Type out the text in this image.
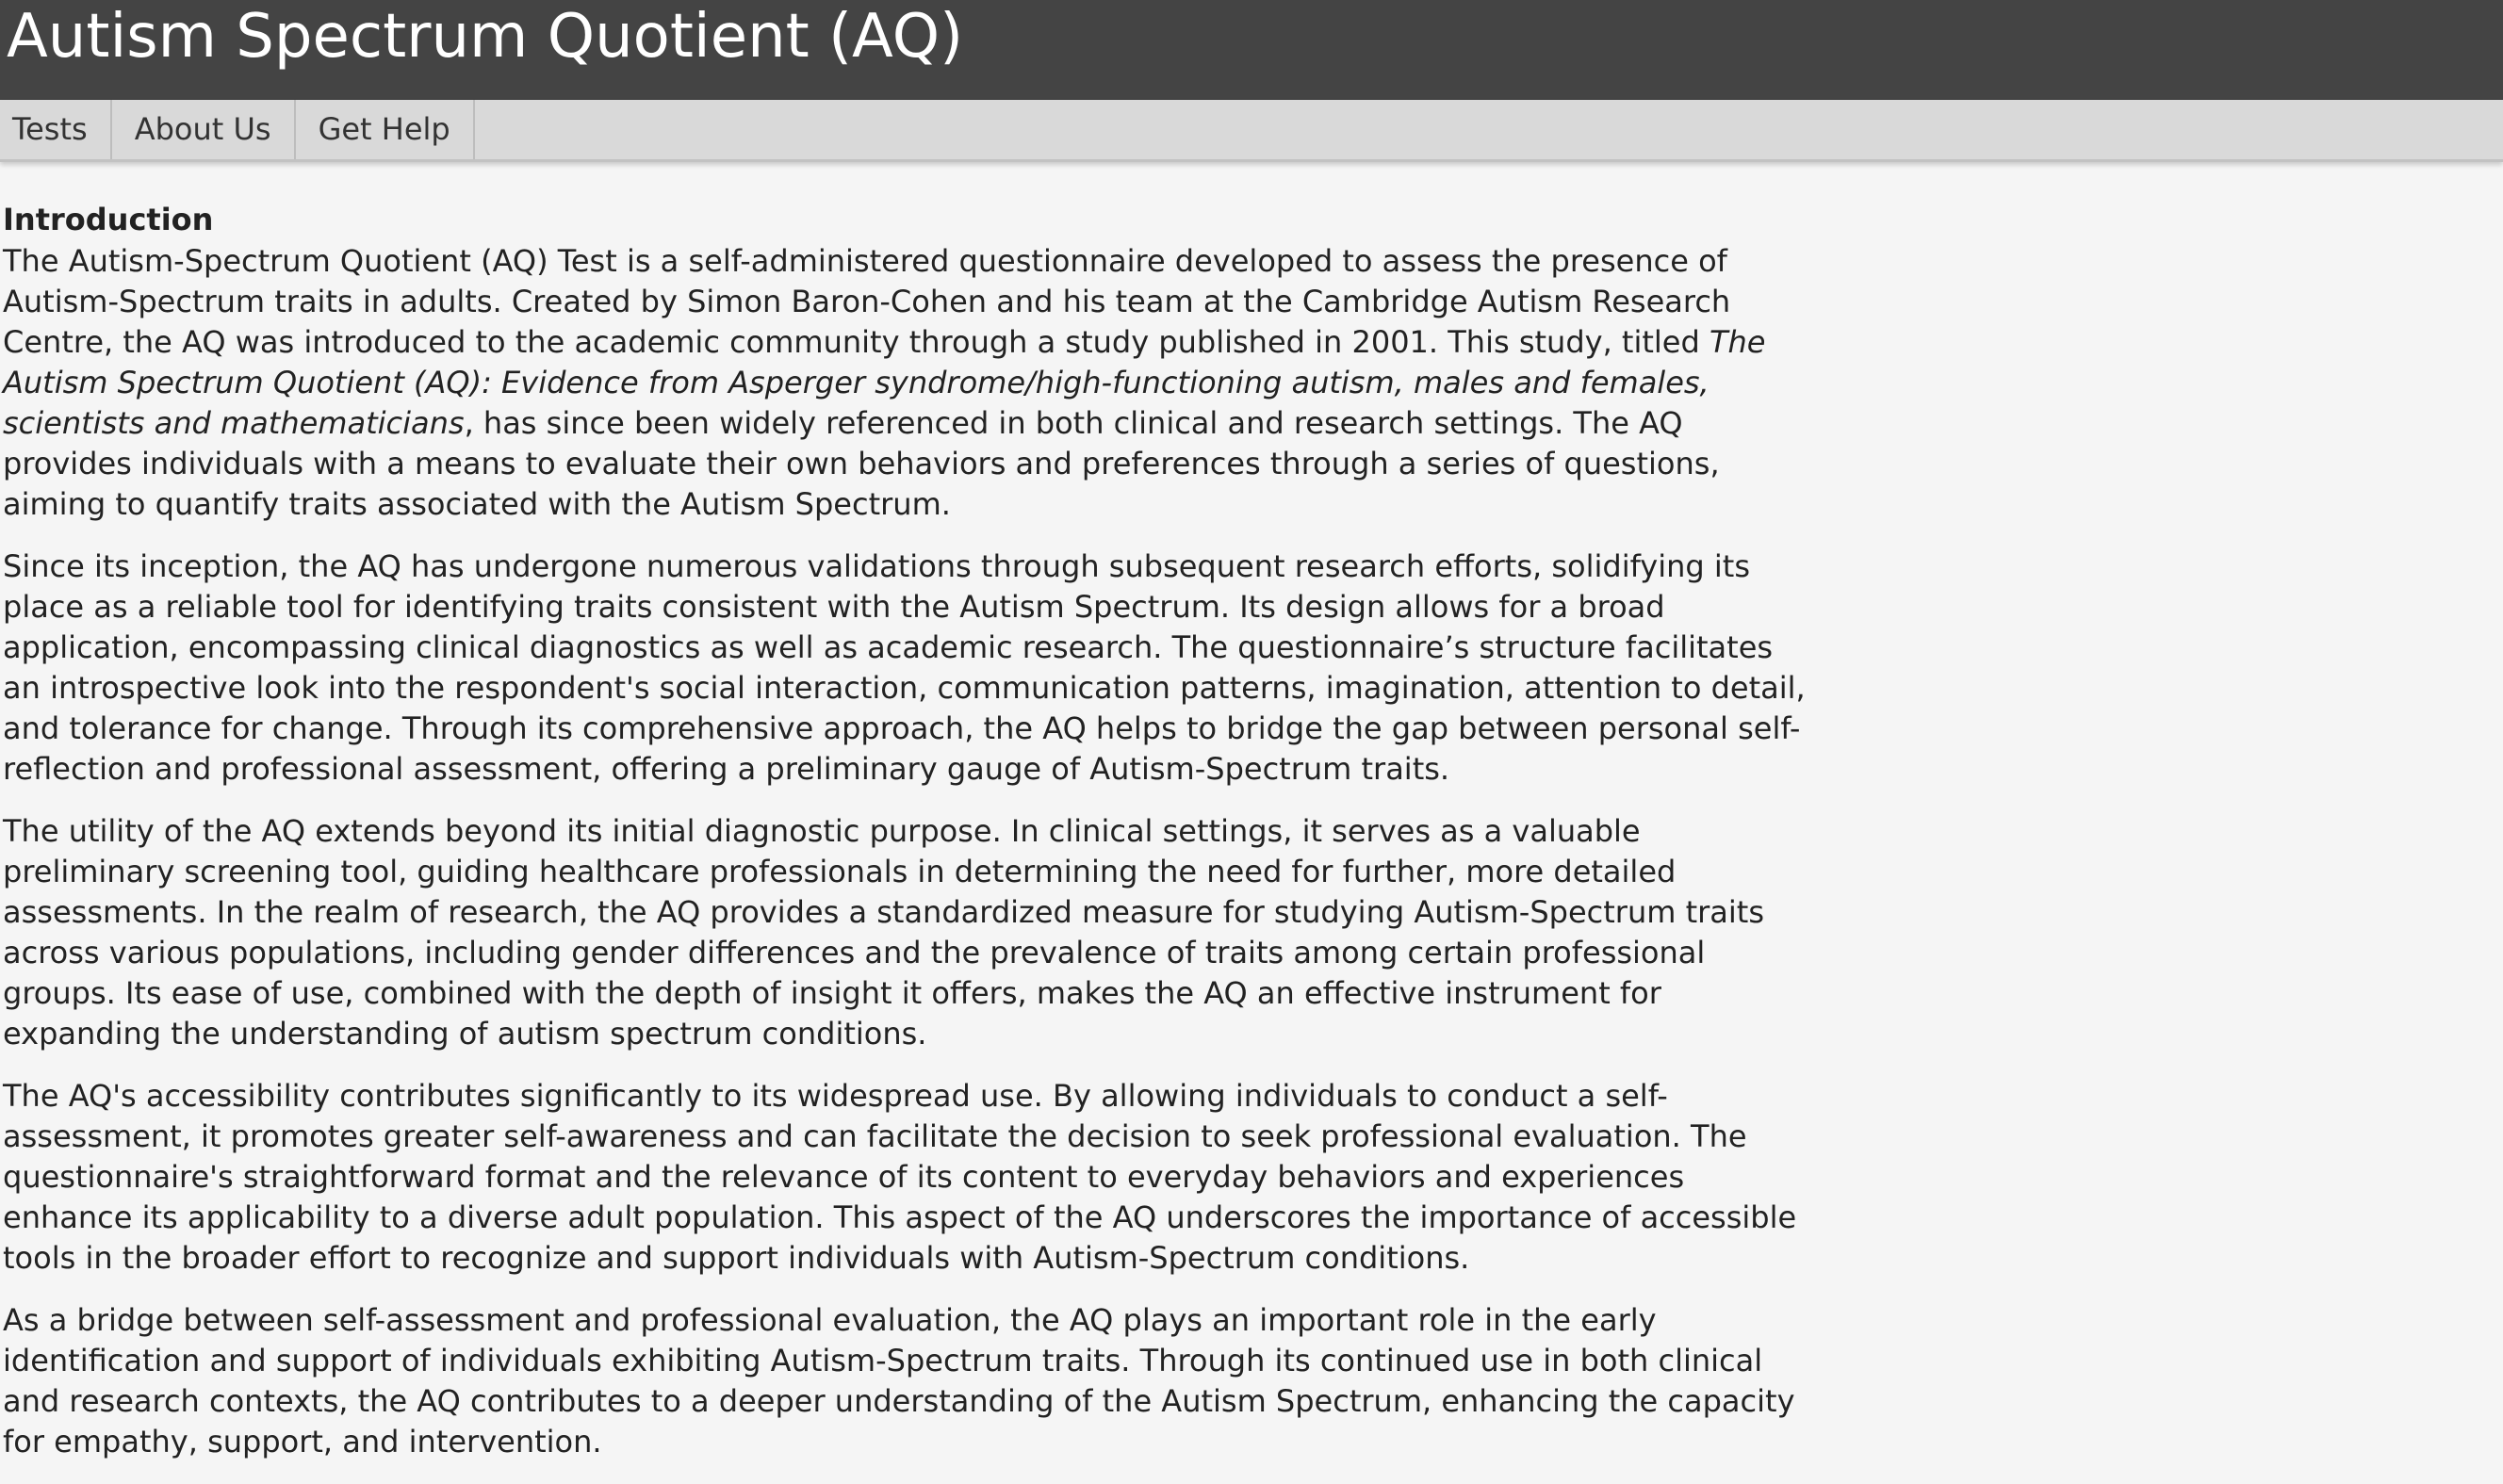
Autism Spectrum Quotient (AQ)
Tests	About Us	Get Help
Introduction

The Autism-Spectrum Quotient (AQ) Test is a self-administered questionnaire developed to assess the presence of Autism-Spectrum traits in adults. Created by Simon Baron-Cohen and his team at the Cambridge Autism Research Centre, the AQ was introduced to the academic community through a study published in 2001. This study, titled The Autism Spectrum Quotient (AQ): Evidence from Asperger syndrome/high-functioning autism, males and females, scientists and mathematicians, has since been widely referenced in both clinical and research settings. The AQ provides individuals with a means to evaluate their own behaviors and preferences through a series of questions, aiming to quantify traits associated with the Autism Spectrum.

Since its inception, the AQ has undergone numerous validations through subsequent research efforts, solidifying its place as a reliable tool for identifying traits consistent with the Autism Spectrum. Its design allows for a broad application, encompassing clinical diagnostics as well as academic research. The questionnaire’s structure facilitates an introspective look into the respondent's social interaction, communication patterns, imagination, attention to detail, and tolerance for change. Through its comprehensive approach, the AQ helps to bridge the gap between personal self-reflection and professional assessment, offering a preliminary gauge of Autism-Spectrum traits.

The utility of the AQ extends beyond its initial diagnostic purpose. In clinical settings, it serves as a valuable preliminary screening tool, guiding healthcare professionals in determining the need for further, more detailed assessments. In the realm of research, the AQ provides a standardized measure for studying Autism-Spectrum traits across various populations, including gender differences and the prevalence of traits among certain professional groups. Its ease of use, combined with the depth of insight it offers, makes the AQ an effective instrument for expanding the understanding of autism spectrum conditions.

The AQ's accessibility contributes significantly to its widespread use. By allowing individuals to conduct a self-assessment, it promotes greater self-awareness and can facilitate the decision to seek professional evaluation. The questionnaire's straightforward format and the relevance of its content to everyday behaviors and experiences enhance its applicability to a diverse adult population. This aspect of the AQ underscores the importance of accessible tools in the broader effort to recognize and support individuals with Autism-Spectrum conditions.

As a bridge between self-assessment and professional evaluation, the AQ plays an important role in the early identification and support of individuals exhibiting Autism-Spectrum traits. Through its continued use in both clinical and research contexts, the AQ contributes to a deeper understanding of the Autism Spectrum, enhancing the capacity for empathy, support, and intervention.
